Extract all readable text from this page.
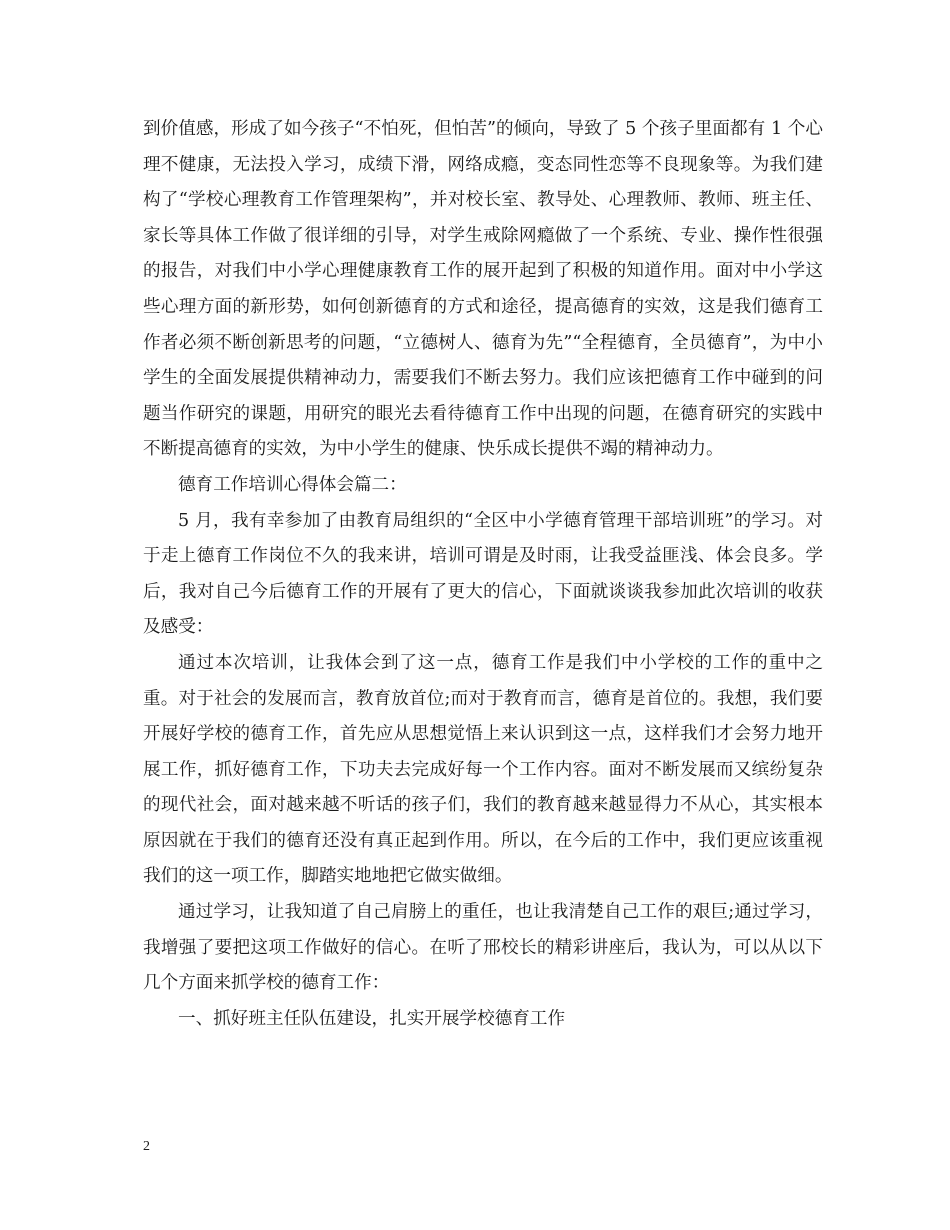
到价值感，形成了如今孩子“不怕死，但怕苦”的倾向，导致了 5 个孩子里面都有 1 个心理不健康，无法投入学习，成绩下滑，网络成瘾，变态同性恋等不良现象等。为我们建构了“学校心理教育工作管理架构”，并对校长室、教导处、心理教师、教师、班主任、家长等具体工作做了很详细的引导，对学生戒除网瘾做了一个系统、专业、操作性很强的报告，对我们中小学心理健康教育工作的展开起到了积极的知道作用。面对中小学这些心理方面的新形势，如何创新德育的方式和途径，提高德育的实效，这是我们德育工作者必须不断创新思考的问题，“立德树人、德育为先”“全程德育，全员德育”，为中小学生的全面发展提供精神动力，需要我们不断去努力。我们应该把德育工作中碰到的问题当作研究的课题，用研究的眼光去看待德育工作中出现的问题，在德育研究的实践中不断提高德育的实效，为中小学生的健康、快乐成长提供不竭的精神动力。

德育工作培训心得体会篇二：

5 月，我有幸参加了由教育局组织的“全区中小学德育管理干部培训班”的学习。对于走上德育工作岗位不久的我来讲，培训可谓是及时雨，让我受益匪浅、体会良多。学后，我对自己今后德育工作的开展有了更大的信心，下面就谈谈我参加此次培训的收获及感受：

通过本次培训，让我体会到了这一点，德育工作是我们中小学校的工作的重中之重。对于社会的发展而言，教育放首位;而对于教育而言，德育是首位的。我想，我们要开展好学校的德育工作，首先应从思想觉悟上来认识到这一点，这样我们才会努力地开展工作，抓好德育工作，下功夫去完成好每一个工作内容。面对不断发展而又缤纷复杂的现代社会，面对越来越不听话的孩子们，我们的教育越来越显得力不从心，其实根本原因就在于我们的德育还没有真正起到作用。所以，在今后的工作中，我们更应该重视我们的这一项工作，脚踏实地地把它做实做细。

通过学习，让我知道了自己肩膀上的重任，也让我清楚自己工作的艰巨;通过学习，我增强了要把这项工作做好的信心。在听了邢校长的精彩讲座后，我认为，可以从以下几个方面来抓学校的德育工作：

一、抓好班主任队伍建设，扎实开展学校德育工作

2
